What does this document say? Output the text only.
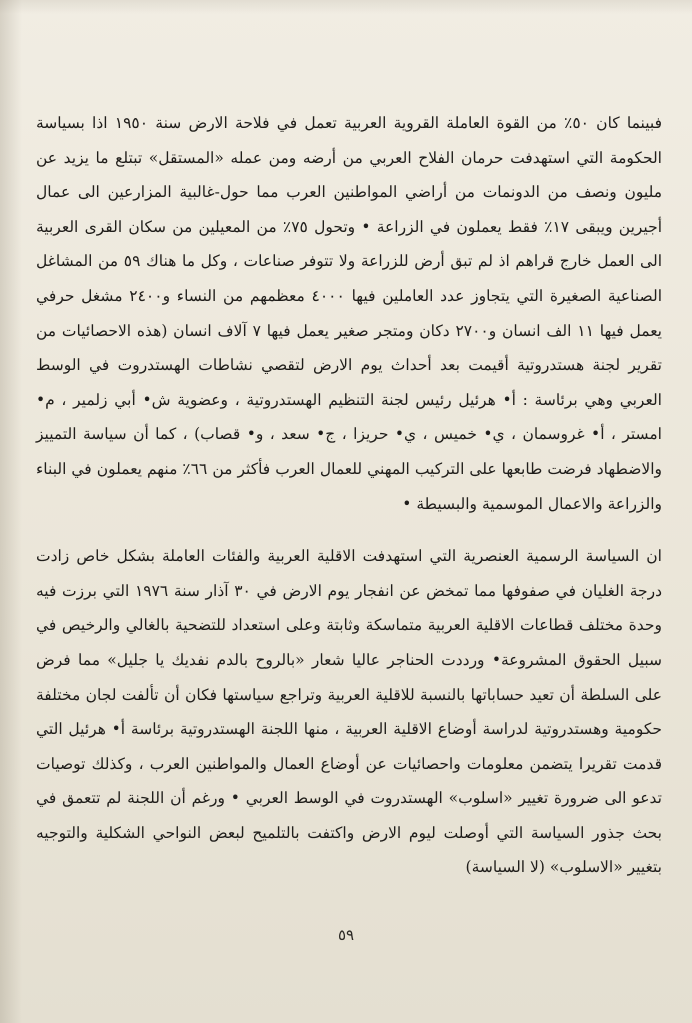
فبينما كان ٥٠٪ من القوة العاملة القروية العربية تعمل في فلاحة الارض سنة ١٩٥٠ اذا بسياسة الحكومة التي استهدفت حرمان الفلاح العربي من أرضه ومن عمله «المستقل» تبتلع ما يزيد عن مليون ونصف من الدونمات من أراضي المواطنين العرب مما حول-غالبية المزارعين الى عمال أجيرين ويبقى ١٧٪ فقط يعملون في الزراعة • وتحول ٧٥٪ من المعيلين من سكان القرى العربية الى العمل خارج قراهم اذ لم تبق أرض للزراعة ولا تتوفر صناعات ، وكل ما هناك ٥٩ من المشاغل الصناعية الصغيرة التي يتجاوز عدد العاملين فيها ٤٠٠٠ معظمهم من النساء و٢٤٠٠ مشغل حرفي يعمل فيها ١١ الف انسان و٢٧٠٠ دكان ومتجر صغير يعمل فيها ٧ آلاف انسان (هذه الاحصائيات من تقرير لجنة هستدروتية أقيمت بعد أحداث يوم الارض لتقصي نشاطات الهستدروت في الوسط العربي وهي برئاسة : أ• هرئيل رئيس لجنة التنظيم الهستدروتية ، وعضوية ش• أبي زلمير ، م• امستر ، أ• غروسمان ، ي• خميس ، ي• حريزا ، ج• سعد ، و• قصاب) ، كما أن سياسة التمييز والاضطهاد فرضت طابعها على التركيب المهني للعمال العرب فأكثر من ٦٦٪ منهم يعملون في البناء والزراعة والاعمال الموسمية والبسيطة •

ان السياسة الرسمية العنصرية التي استهدفت الاقلية العربية والفئات العاملة بشكل خاص زادت درجة الغليان في صفوفها مما تمخض عن انفجار يوم الارض في ٣٠ آذار سنة ١٩٧٦ التي برزت فيه وحدة مختلف قطاعات الاقلية العربية متماسكة وثابتة وعلى استعداد للتضحية بالغالي والرخيص في سبيل الحقوق المشروعة• ورددت الحناجر عاليا شعار «بالروح بالدم نفديك يا جليل» مما فرض على السلطة أن تعيد حساباتها بالنسبة للاقلية العربية وتراجع سياستها فكان أن تألفت لجان مختلفة حكومية وهستدروتية لدراسة أوضاع الاقلية العربية ، منها اللجنة الهستدروتية برئاسة أ• هرئيل التي قدمت تقريرا يتضمن معلومات واحصائيات عن أوضاع العمال والمواطنين العرب ، وكذلك توصيات تدعو الى ضرورة تغيير «اسلوب» الهستدروت في الوسط العربي • ورغم أن اللجنة لم تتعمق في بحث جذور السياسة التي أوصلت ليوم الارض واكتفت بالتلميح لبعض النواحي الشكلية والتوجيه بتغيير «الاسلوب» (لا السياسة)

٥٩
